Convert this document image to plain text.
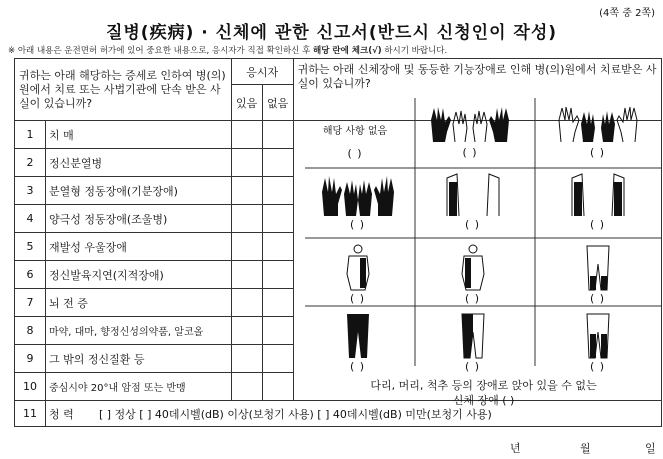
(4쪽 중 2쪽)
질병(疾病) · 신체에 관한 신고서(반드시 신청인이 작성)
※ 아래 내용은 운전면허 허가에 있어 중요한 내용으로, 응시자가 직접 확인하신 후 해당 란에 체크(√) 하시기 바랍니다.
귀하는 아래 해당하는 증세로 인하여 병(의)원에서 치료 또는 사법기관에 단속 받은 사실이 있습니까?		응시자		귀하는 아래 신체장애 및 동등한 기능장애로 인해 병(의)원에서 치료받은 사실이 있습니까?
		있음	없음	
1	치 매			
2	정신분열병			
3	분열형 정동장애(기분장애)			
4	양극성 정동장애(조울병)			
5	재발성 우울장애			
6	정신발육지연(지적장애)			
7	뇌 전 증			
8	마약, 대마, 향정신성의약품, 알코올			
9	그 밖의 정신질환 등			
10	중심시야 20°내 암점 또는 반맹			
11	청 력 [ ] 정상 [ ] 40데시벨(dB) 이상(보청기 사용) [ ] 40데시벨(dB) 미만(보청기 사용)			
해당 사항 없음
( )	( )	( )
( )	( )	( )
( )	( )	( )
( )	( )	( )
다리, 머리, 척추 등의 장애로 앉아 있을 수 없는
신체 장애 ( )
년	월	일
